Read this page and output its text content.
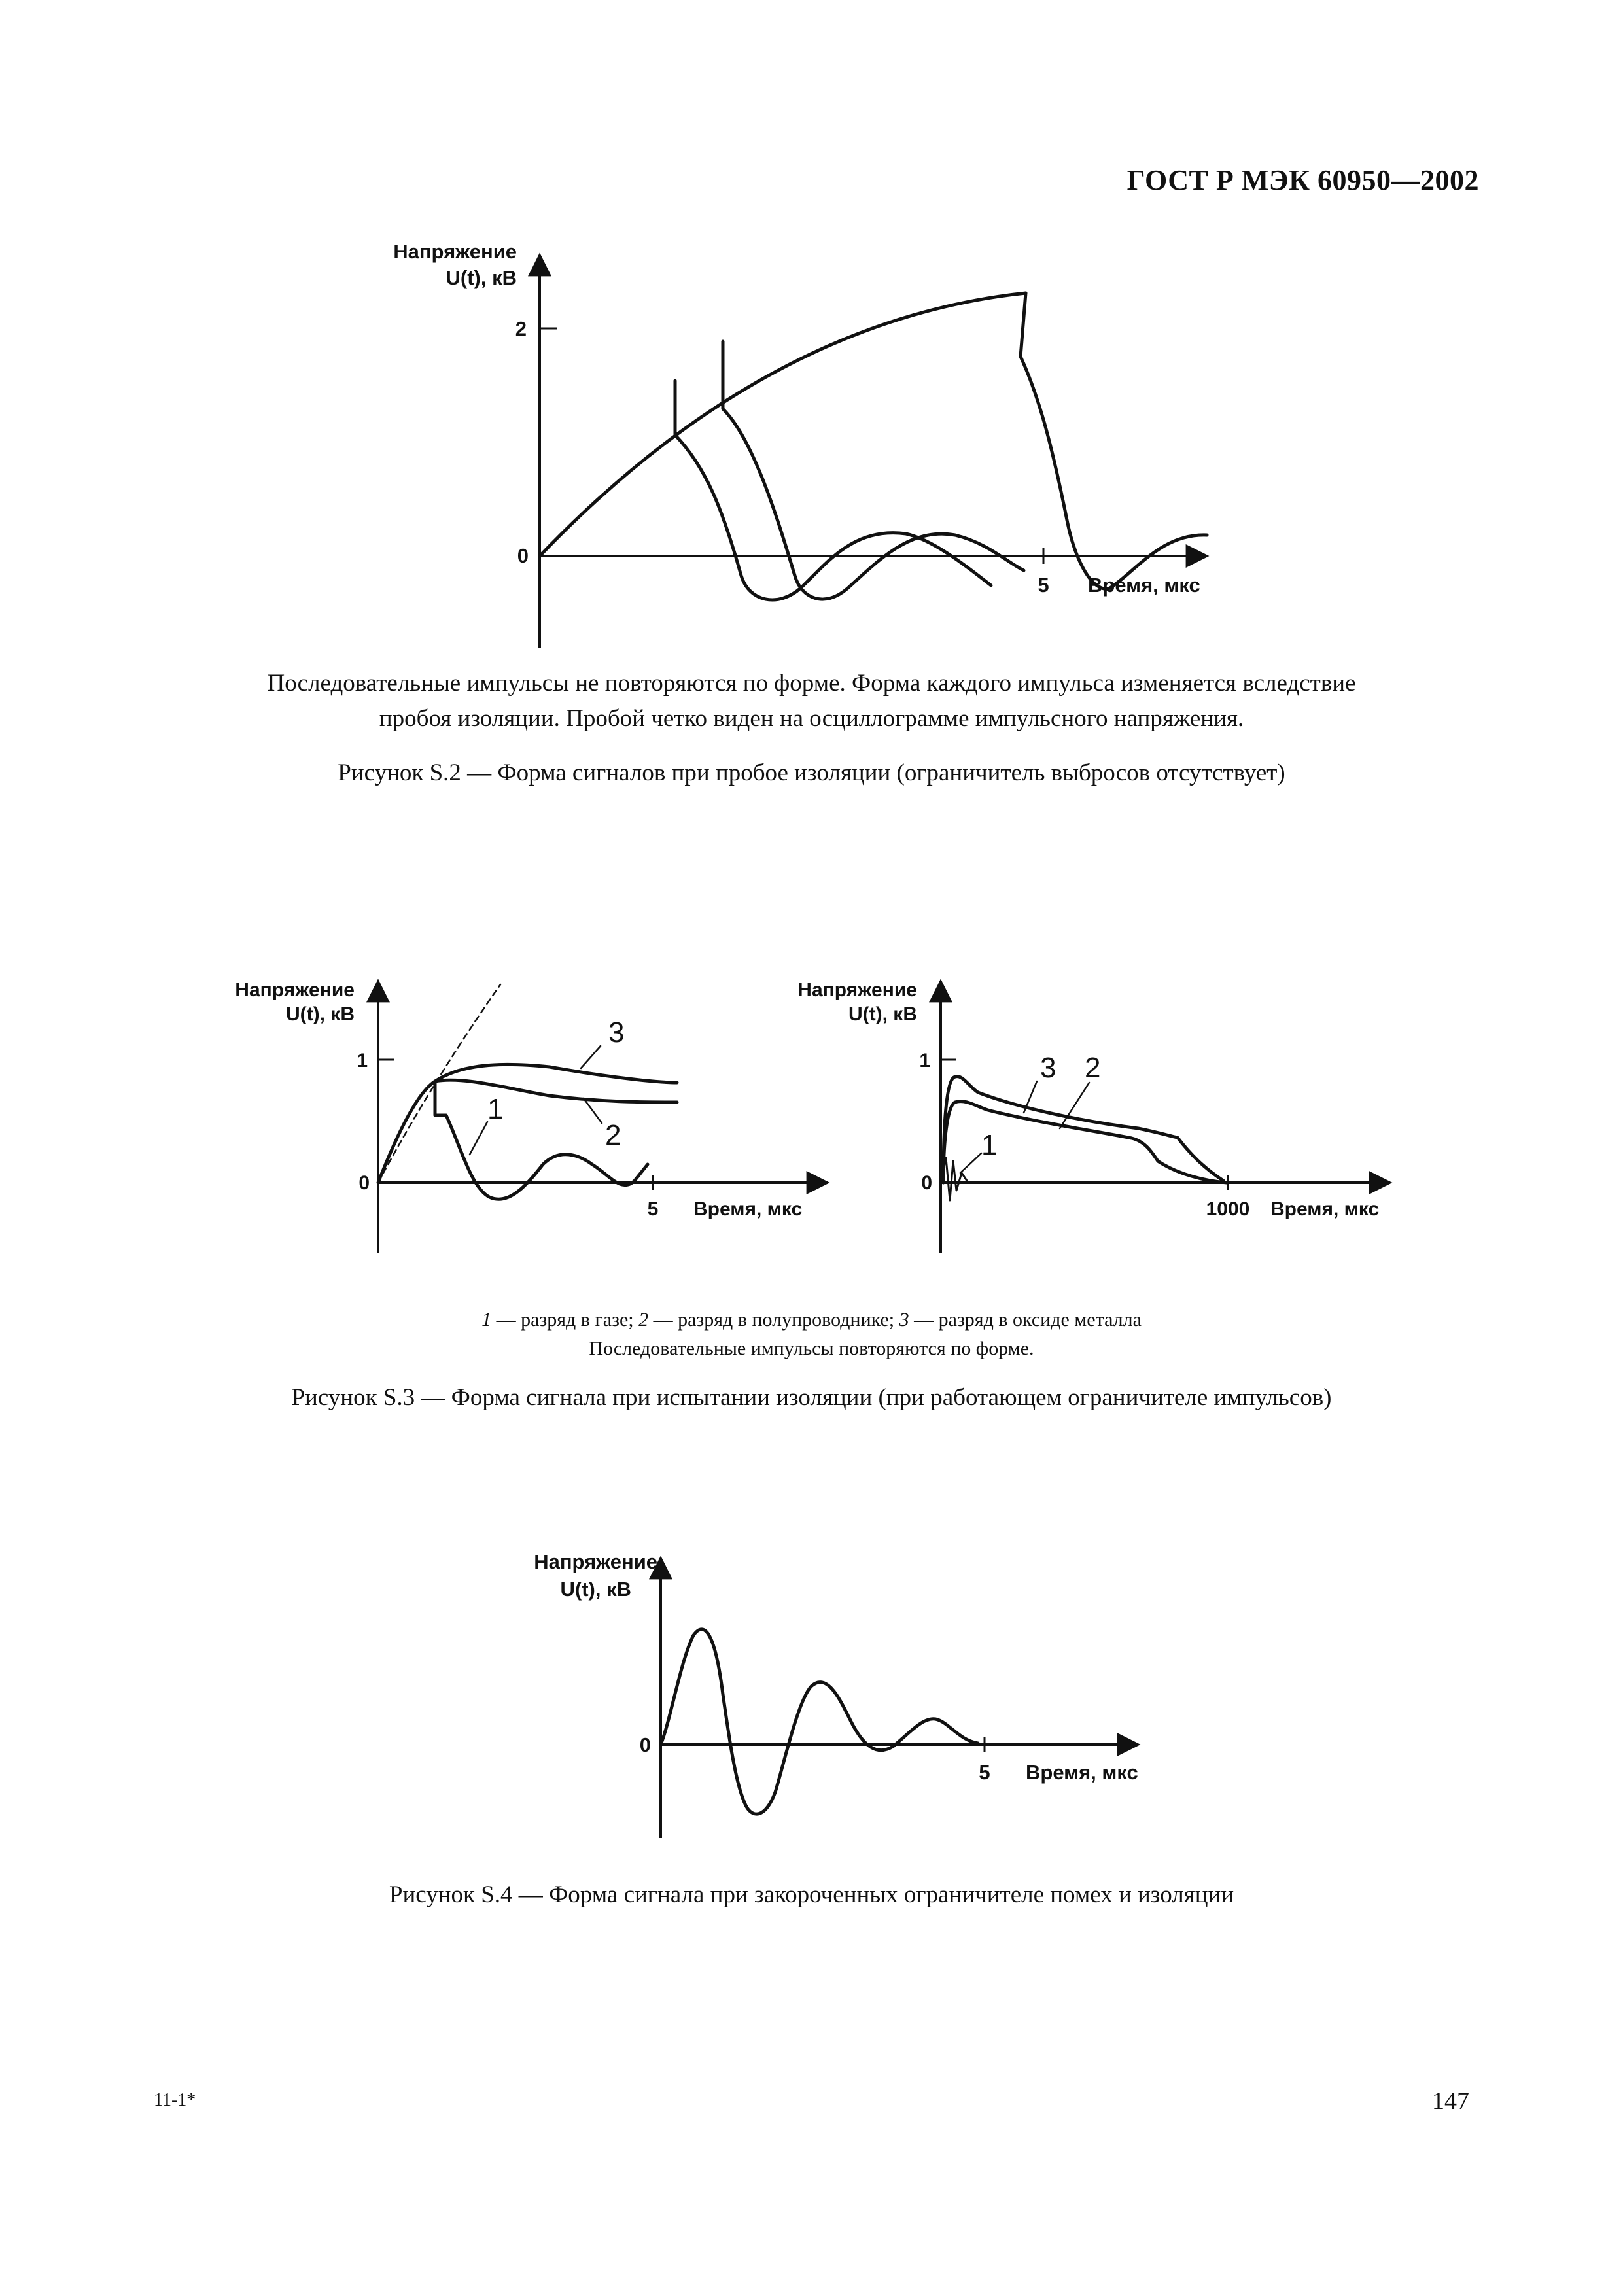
ГОСТ Р МЭК 60950—2002
Напряжение
U(t), кВ
2
0
5 Время, мкс
Последовательные импульсы не повторяются по форме. Форма каждого импульса изменяется вследствие
пробоя изоляции. Пробой четко виден на осциллограмме импульсного напряжения.
Рисунок S.2 — Форма сигналов при пробое изоляции (ограничитель выбросов отсутствует)
Напряжение
U(t), кВ
1
0
5 Время, мкс
3
2
1
Напряжение
U(t), кВ
1
0
1000 Время, мкс
3 2
1
1 — разряд в газе; 2 — разряд в полупроводнике; 3 — разряд в оксиде металла
Последовательные импульсы повторяются по форме.
Рисунок S.3 — Форма сигнала при испытании изоляции (при работающем ограничителе импульсов)
Напряжение
U(t), кВ
0
5 Время, мкс
Рисунок S.4 — Форма сигнала при закороченных ограничителе помех и изоляции
11-1*	147
